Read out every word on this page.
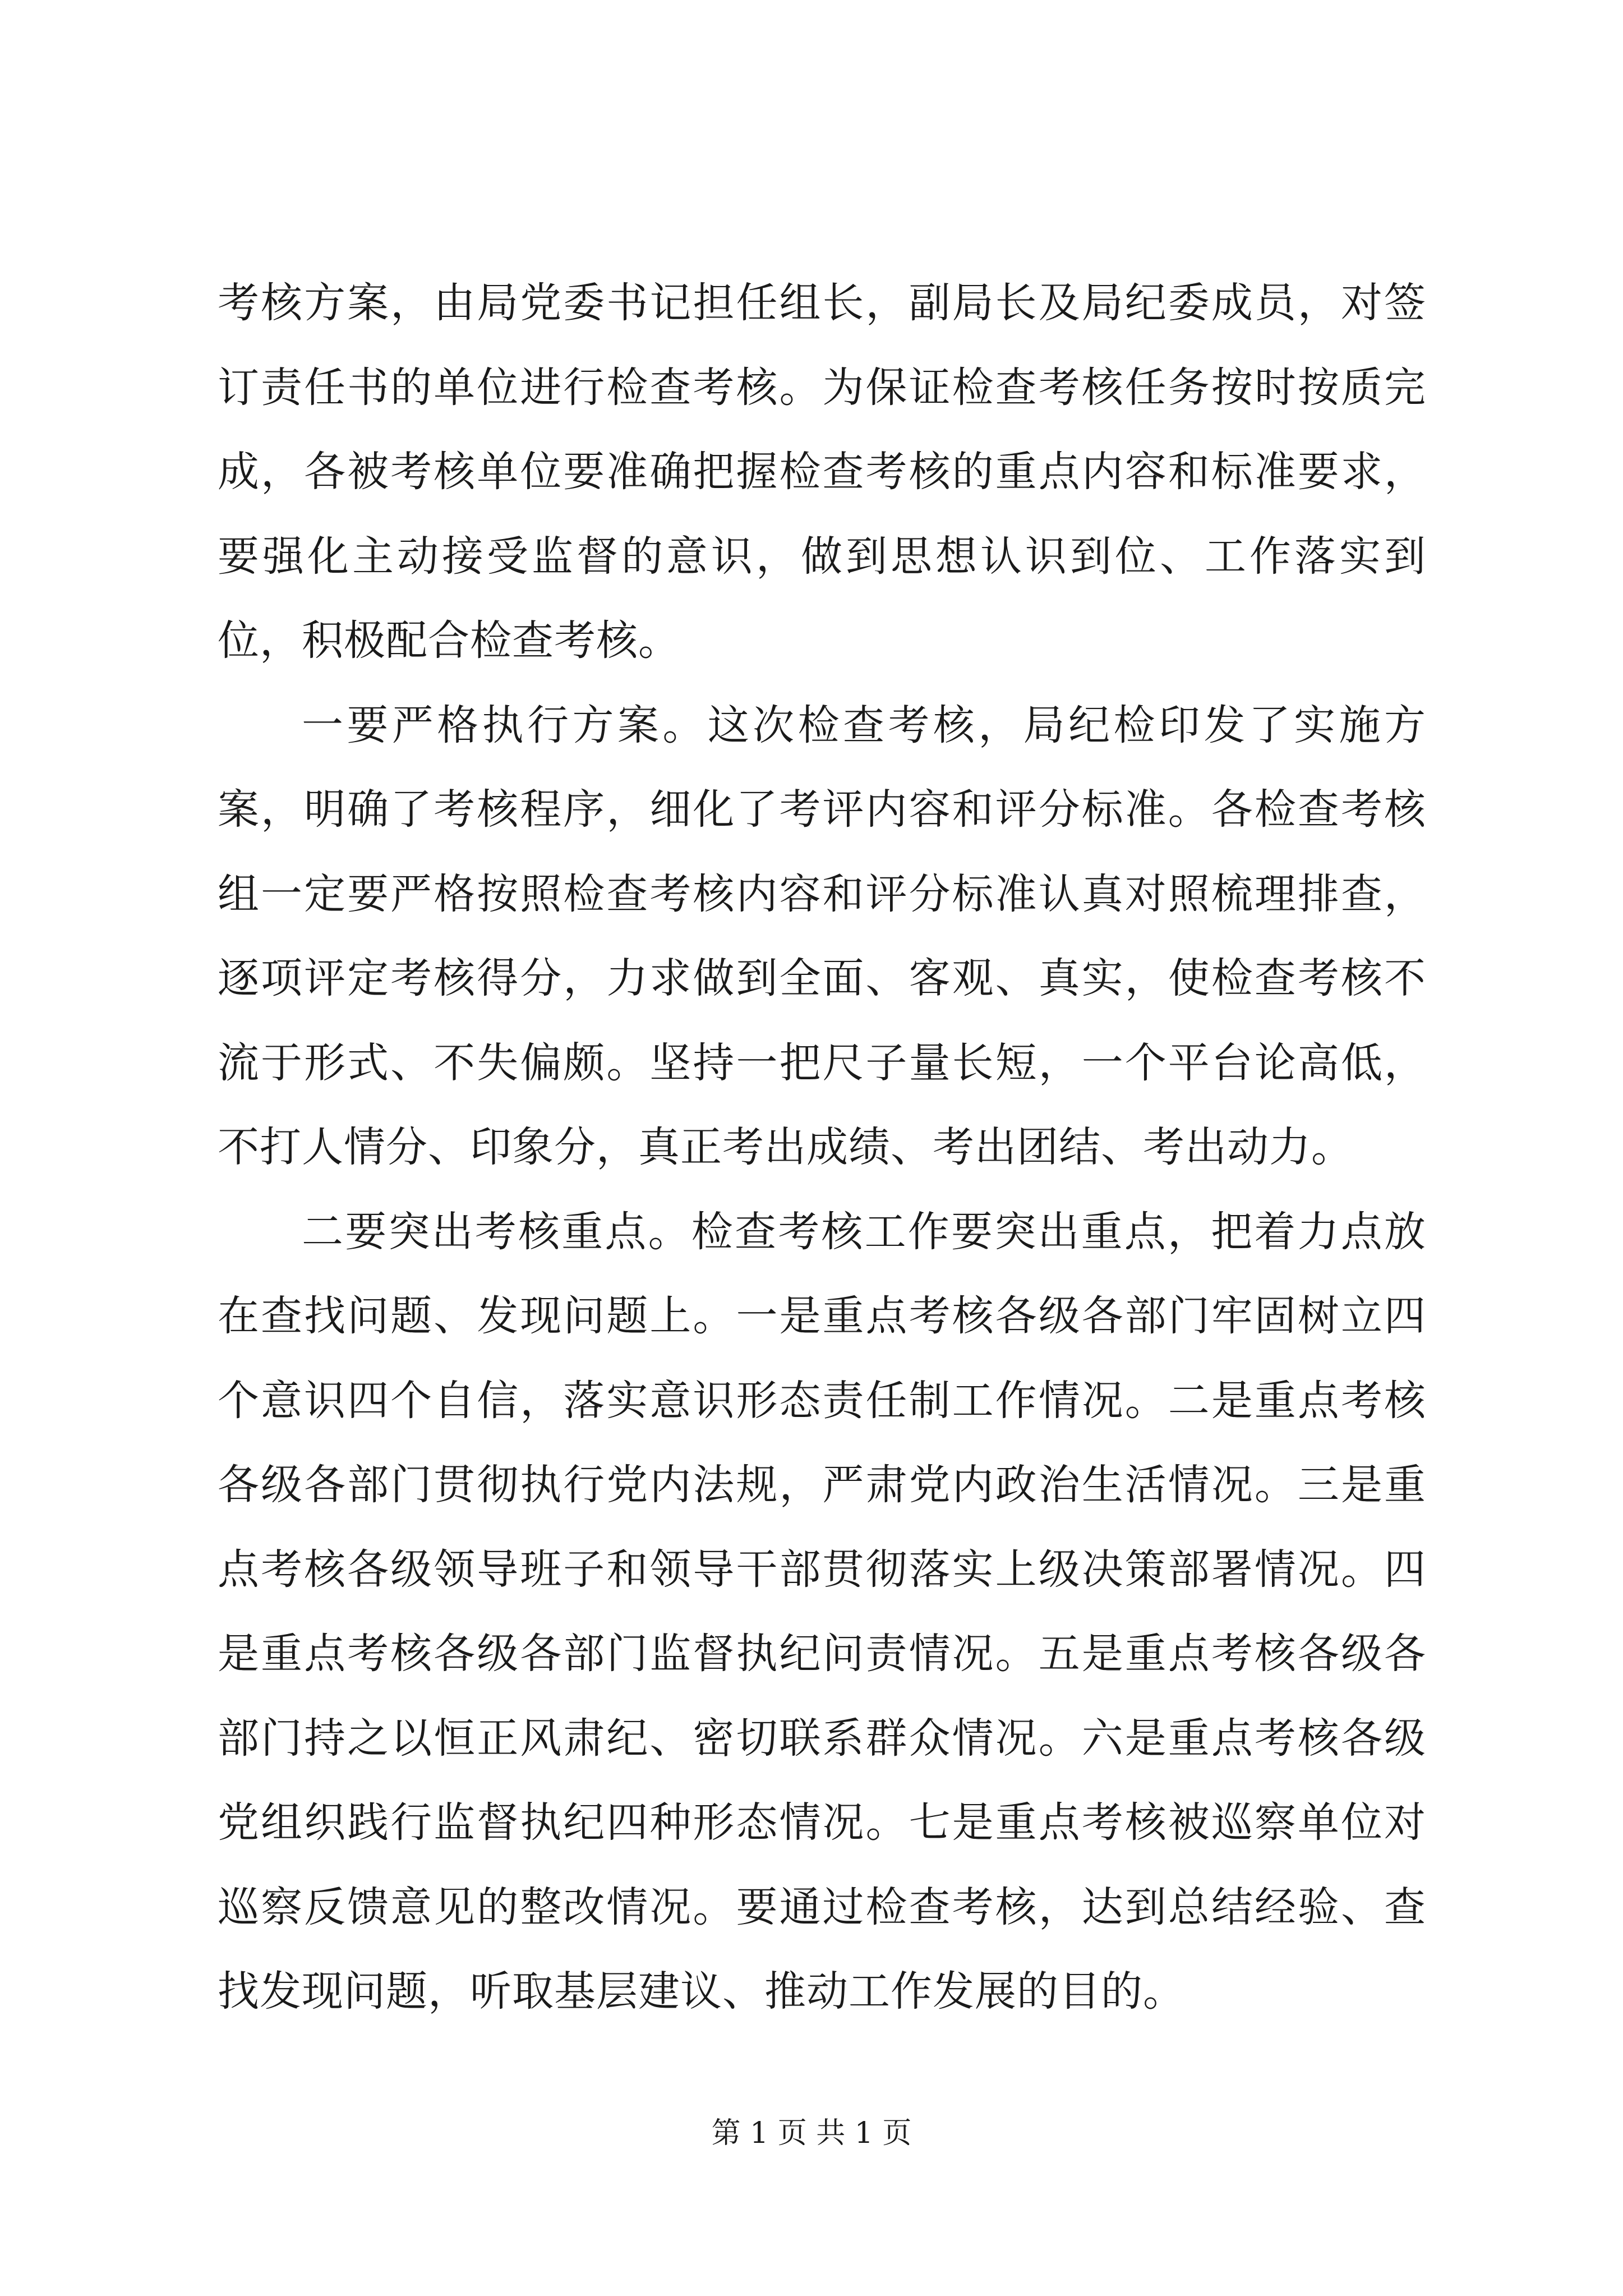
考核方案，由局党委书记担任组长，副局长及局纪委成员，对签订责任书的单位进行检查考核。为保证检查考核任务按时按质完成，各被考核单位要准确把握检查考核的重点内容和标准要求，要强化主动接受监督的意识，做到思想认识到位、工作落实到位，积极配合检查考核。

一要严格执行方案。这次检查考核，局纪检印发了实施方案，明确了考核程序，细化了考评内容和评分标准。各检查考核组一定要严格按照检查考核内容和评分标准认真对照梳理排查，逐项评定考核得分，力求做到全面、客观、真实，使检查考核不流于形式、不失偏颇。坚持一把尺子量长短，一个平台论高低，不打人情分、印象分，真正考出成绩、考出团结、考出动力。

二要突出考核重点。检查考核工作要突出重点，把着力点放在查找问题、发现问题上。一是重点考核各级各部门牢固树立四个意识四个自信，落实意识形态责任制工作情况。二是重点考核各级各部门贯彻执行党内法规，严肃党内政治生活情况。三是重点考核各级领导班子和领导干部贯彻落实上级决策部署情况。四是重点考核各级各部门监督执纪问责情况。五是重点考核各级各部门持之以恒正风肃纪、密切联系群众情况。六是重点考核各级党组织践行监督执纪四种形态情况。七是重点考核被巡察单位对巡察反馈意见的整改情况。要通过检查考核，达到总结经验、查找发现问题，听取基层建议、推动工作发展的目的。

第 1 页 共 1 页
